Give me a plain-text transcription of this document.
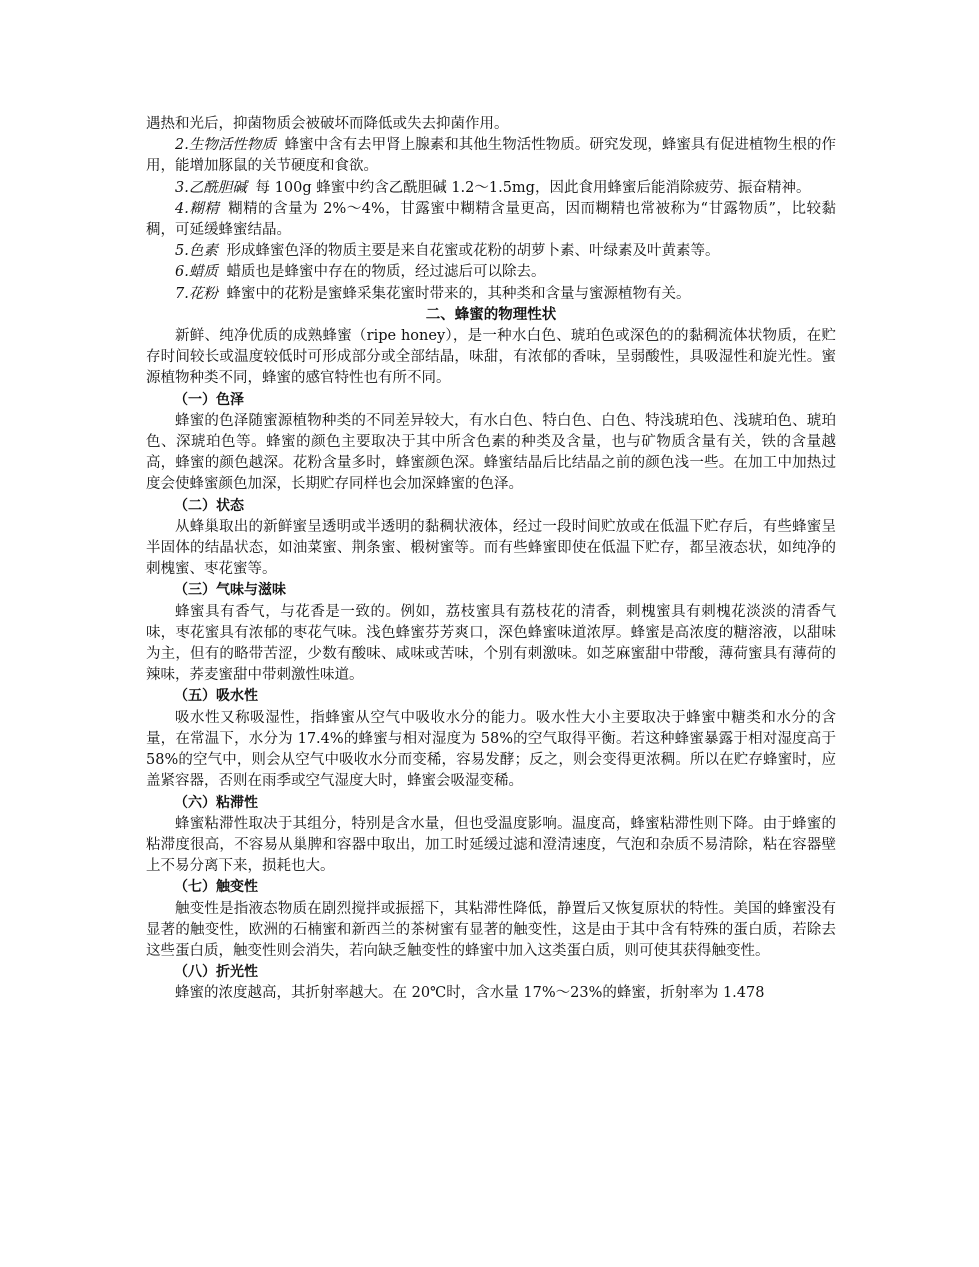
遇热和光后，抑菌物质会被破坏而降低或失去抑菌作用。

2.生物活性物质 蜂蜜中含有去甲肾上腺素和其他生物活性物质。研究发现，蜂蜜具有促进植物生根的作用，能增加豚鼠的关节硬度和食欲。

3.乙酰胆碱 每 100g 蜂蜜中约含乙酰胆碱 1.2～1.5mg，因此食用蜂蜜后能消除疲劳、振奋精神。

4.糊精 糊精的含量为 2%～4%，甘露蜜中糊精含量更高，因而糊精也常被称为“甘露物质”，比较黏稠，可延缓蜂蜜结晶。

5.色素 形成蜂蜜色泽的物质主要是来自花蜜或花粉的胡萝卜素、叶绿素及叶黄素等。

6.蜡质 蜡质也是蜂蜜中存在的物质，经过滤后可以除去。

7.花粉 蜂蜜中的花粉是蜜蜂采集花蜜时带来的，其种类和含量与蜜源植物有关。

二、蜂蜜的物理性状

新鲜、纯净优质的成熟蜂蜜（ripe honey），是一种水白色、琥珀色或深色的的黏稠流体状物质，在贮存时间较长或温度较低时可形成部分或全部结晶，味甜，有浓郁的香味，呈弱酸性，具吸湿性和旋光性。蜜源植物种类不同，蜂蜜的感官特性也有所不同。

（一）色泽

蜂蜜的色泽随蜜源植物种类的不同差异较大，有水白色、特白色、白色、特浅琥珀色、浅琥珀色、琥珀色、深琥珀色等。蜂蜜的颜色主要取决于其中所含色素的种类及含量，也与矿物质含量有关，铁的含量越高，蜂蜜的颜色越深。花粉含量多时，蜂蜜颜色深。蜂蜜结晶后比结晶之前的颜色浅一些。在加工中加热过度会使蜂蜜颜色加深，长期贮存同样也会加深蜂蜜的色泽。

（二）状态

从蜂巢取出的新鲜蜜呈透明或半透明的黏稠状液体，经过一段时间贮放或在低温下贮存后，有些蜂蜜呈半固体的结晶状态，如油菜蜜、荆条蜜、椴树蜜等。而有些蜂蜜即使在低温下贮存，都呈液态状，如纯净的刺槐蜜、枣花蜜等。

（三）气味与滋味

蜂蜜具有香气，与花香是一致的。例如，荔枝蜜具有荔枝花的清香，刺槐蜜具有刺槐花淡淡的清香气味，枣花蜜具有浓郁的枣花气味。浅色蜂蜜芬芳爽口，深色蜂蜜味道浓厚。蜂蜜是高浓度的糖溶液，以甜味为主，但有的略带苦涩，少数有酸味、咸味或苦味，个别有刺激味。如芝麻蜜甜中带酸，薄荷蜜具有薄荷的辣味，荞麦蜜甜中带刺激性味道。

（五）吸水性

吸水性又称吸湿性，指蜂蜜从空气中吸收水分的能力。吸水性大小主要取决于蜂蜜中糖类和水分的含量，在常温下，水分为 17.4%的蜂蜜与相对湿度为 58%的空气取得平衡。若这种蜂蜜暴露于相对湿度高于 58%的空气中，则会从空气中吸收水分而变稀，容易发酵；反之，则会变得更浓稠。所以在贮存蜂蜜时，应盖紧容器，否则在雨季或空气湿度大时，蜂蜜会吸湿变稀。

（六）粘滞性

蜂蜜粘滞性取决于其组分，特别是含水量，但也受温度影响。温度高，蜂蜜粘滞性则下降。由于蜂蜜的粘滞度很高，不容易从巢脾和容器中取出，加工时延缓过滤和澄清速度，气泡和杂质不易清除，粘在容器壁上不易分离下来，损耗也大。

（七）触变性

触变性是指液态物质在剧烈搅拌或振摇下，其粘滞性降低，静置后又恢复原状的特性。美国的蜂蜜没有显著的触变性，欧洲的石楠蜜和新西兰的茶树蜜有显著的触变性，这是由于其中含有特殊的蛋白质，若除去这些蛋白质，触变性则会消失，若向缺乏触变性的蜂蜜中加入这类蛋白质，则可使其获得触变性。

（八）折光性

蜂蜜的浓度越高，其折射率越大。在 20℃时，含水量 17%～23%的蜂蜜，折射率为 1.478
